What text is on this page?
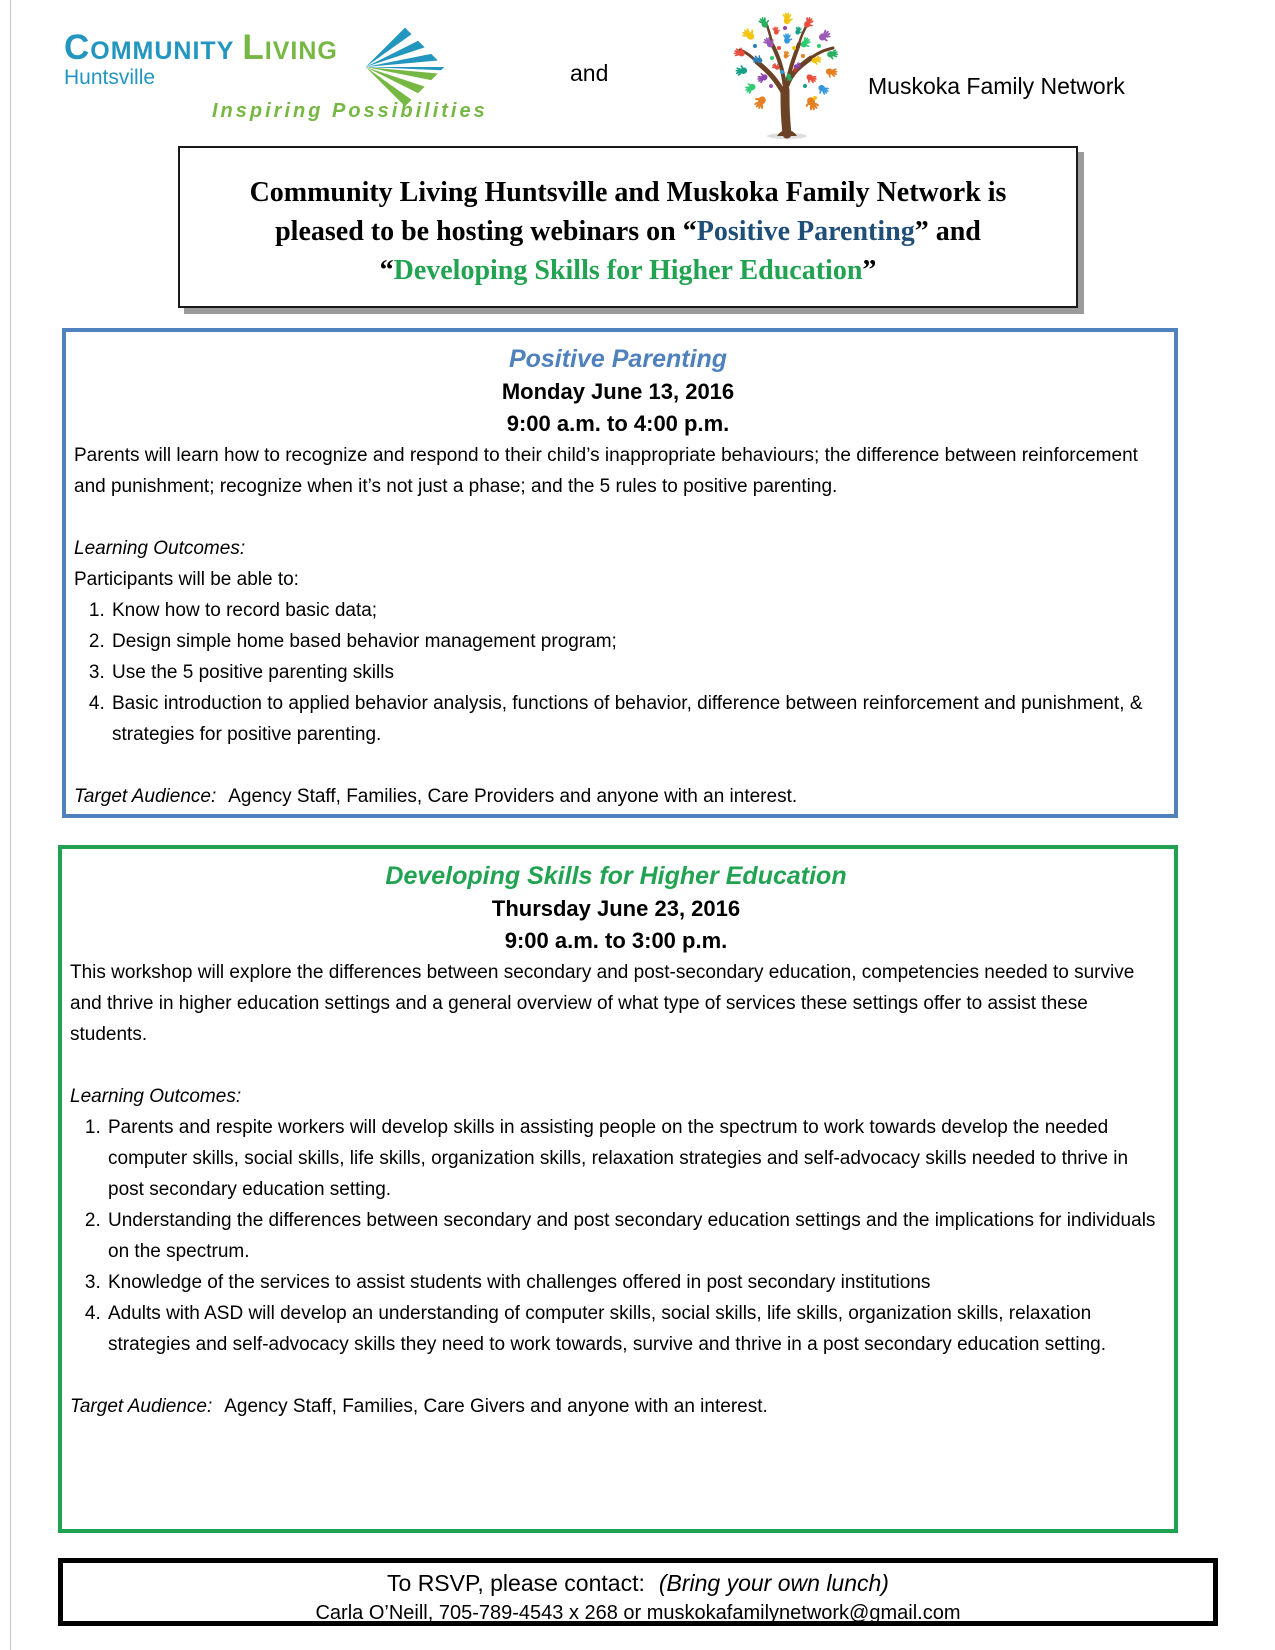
Community Living
Huntsville
Inspiring Possibilities
and	Muskoka Family Network
Community Living Huntsville and Muskoka Family Network is pleased to be hosting webinars on “Positive Parenting” and “Developing Skills for Higher Education”
Positive Parenting
Monday June 13, 2016
9:00 a.m. to 4:00 p.m.

Parents will learn how to recognize and respond to their child’s inappropriate behaviours; the difference between reinforcement and punishment; recognize when it’s not just a phase; and the 5 rules to positive parenting.

Learning Outcomes:
Participants will be able to:
1. Know how to record basic data;
2. Design simple home based behavior management program;
3. Use the 5 positive parenting skills
4. Basic introduction to applied behavior analysis, functions of behavior, difference between reinforcement and punishment, & strategies for positive parenting.

Target Audience: Agency Staff, Families, Care Providers and anyone with an interest.

Developing Skills for Higher Education
Thursday June 23, 2016
9:00 a.m. to 3:00 p.m.

This workshop will explore the differences between secondary and post-secondary education, competencies needed to survive and thrive in higher education settings and a general overview of what type of services these settings offer to assist these students.

Learning Outcomes:
1. Parents and respite workers will develop skills in assisting people on the spectrum to work towards develop the needed computer skills, social skills, life skills, organization skills, relaxation strategies and self-advocacy skills needed to thrive in post secondary education setting.
2. Understanding the differences between secondary and post secondary education settings and the implications for individuals on the spectrum.
3. Knowledge of the services to assist students with challenges offered in post secondary institutions
4. Adults with ASD will develop an understanding of computer skills, social skills, life skills, organization skills, relaxation strategies and self-advocacy skills they need to work towards, survive and thrive in a post secondary education setting.

Target Audience: Agency Staff, Families, Care Givers and anyone with an interest.

To RSVP, please contact: (Bring your own lunch)
Carla O’Neill, 705-789-4543 x 268 or muskokafamilynetwork@gmail.com
